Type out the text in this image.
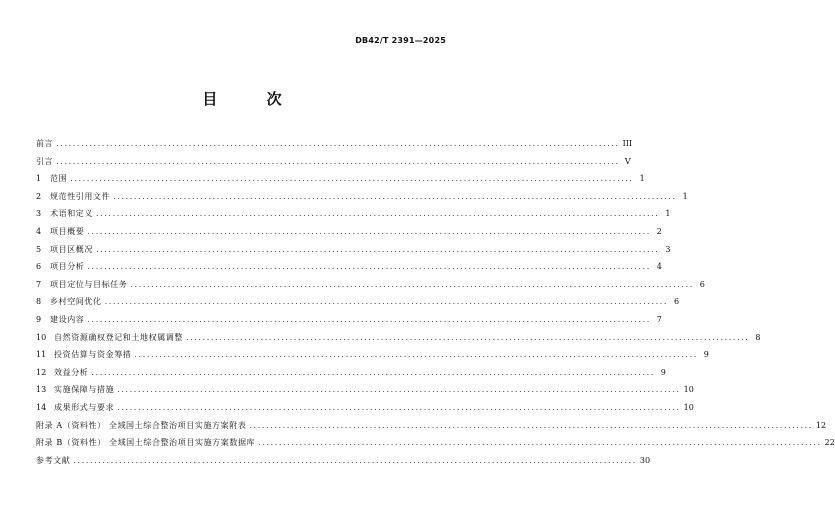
DB42/T 2391—2025
目 次
前言 ........................................................................................................................................ III
引言 ........................................................................................................................................ V
1	范围 ........................................................................................................................................ 1
2	规范性引用文件 ........................................................................................................................................ 1
3	术语和定义 ........................................................................................................................................ 1
4	项目概要 ........................................................................................................................................ 2
5	项目区概况 ........................................................................................................................................ 3
6	项目分析 ........................................................................................................................................ 4
7	项目定位与目标任务 ........................................................................................................................................ 6
8	乡村空间优化 ........................................................................................................................................ 6
9	建设内容 ........................................................................................................................................ 7
10 自然资源确权登记和土地权属调整 ........................................................................................................................................ 8
11 投资估算与资金筹措 ........................................................................................................................................ 9
12 效益分析 ........................................................................................................................................ 9
13 实施保障与措施 ........................................................................................................................................ 10
14 成果形式与要求 ........................................................................................................................................ 10
附录 A（资料性） 全域国土综合整治项目实施方案附表 ........................................................................................................................................ 12
附录 B（资料性） 全域国土综合整治项目实施方案数据库 ........................................................................................................................................ 22
参考文献 ........................................................................................................................................ 30
